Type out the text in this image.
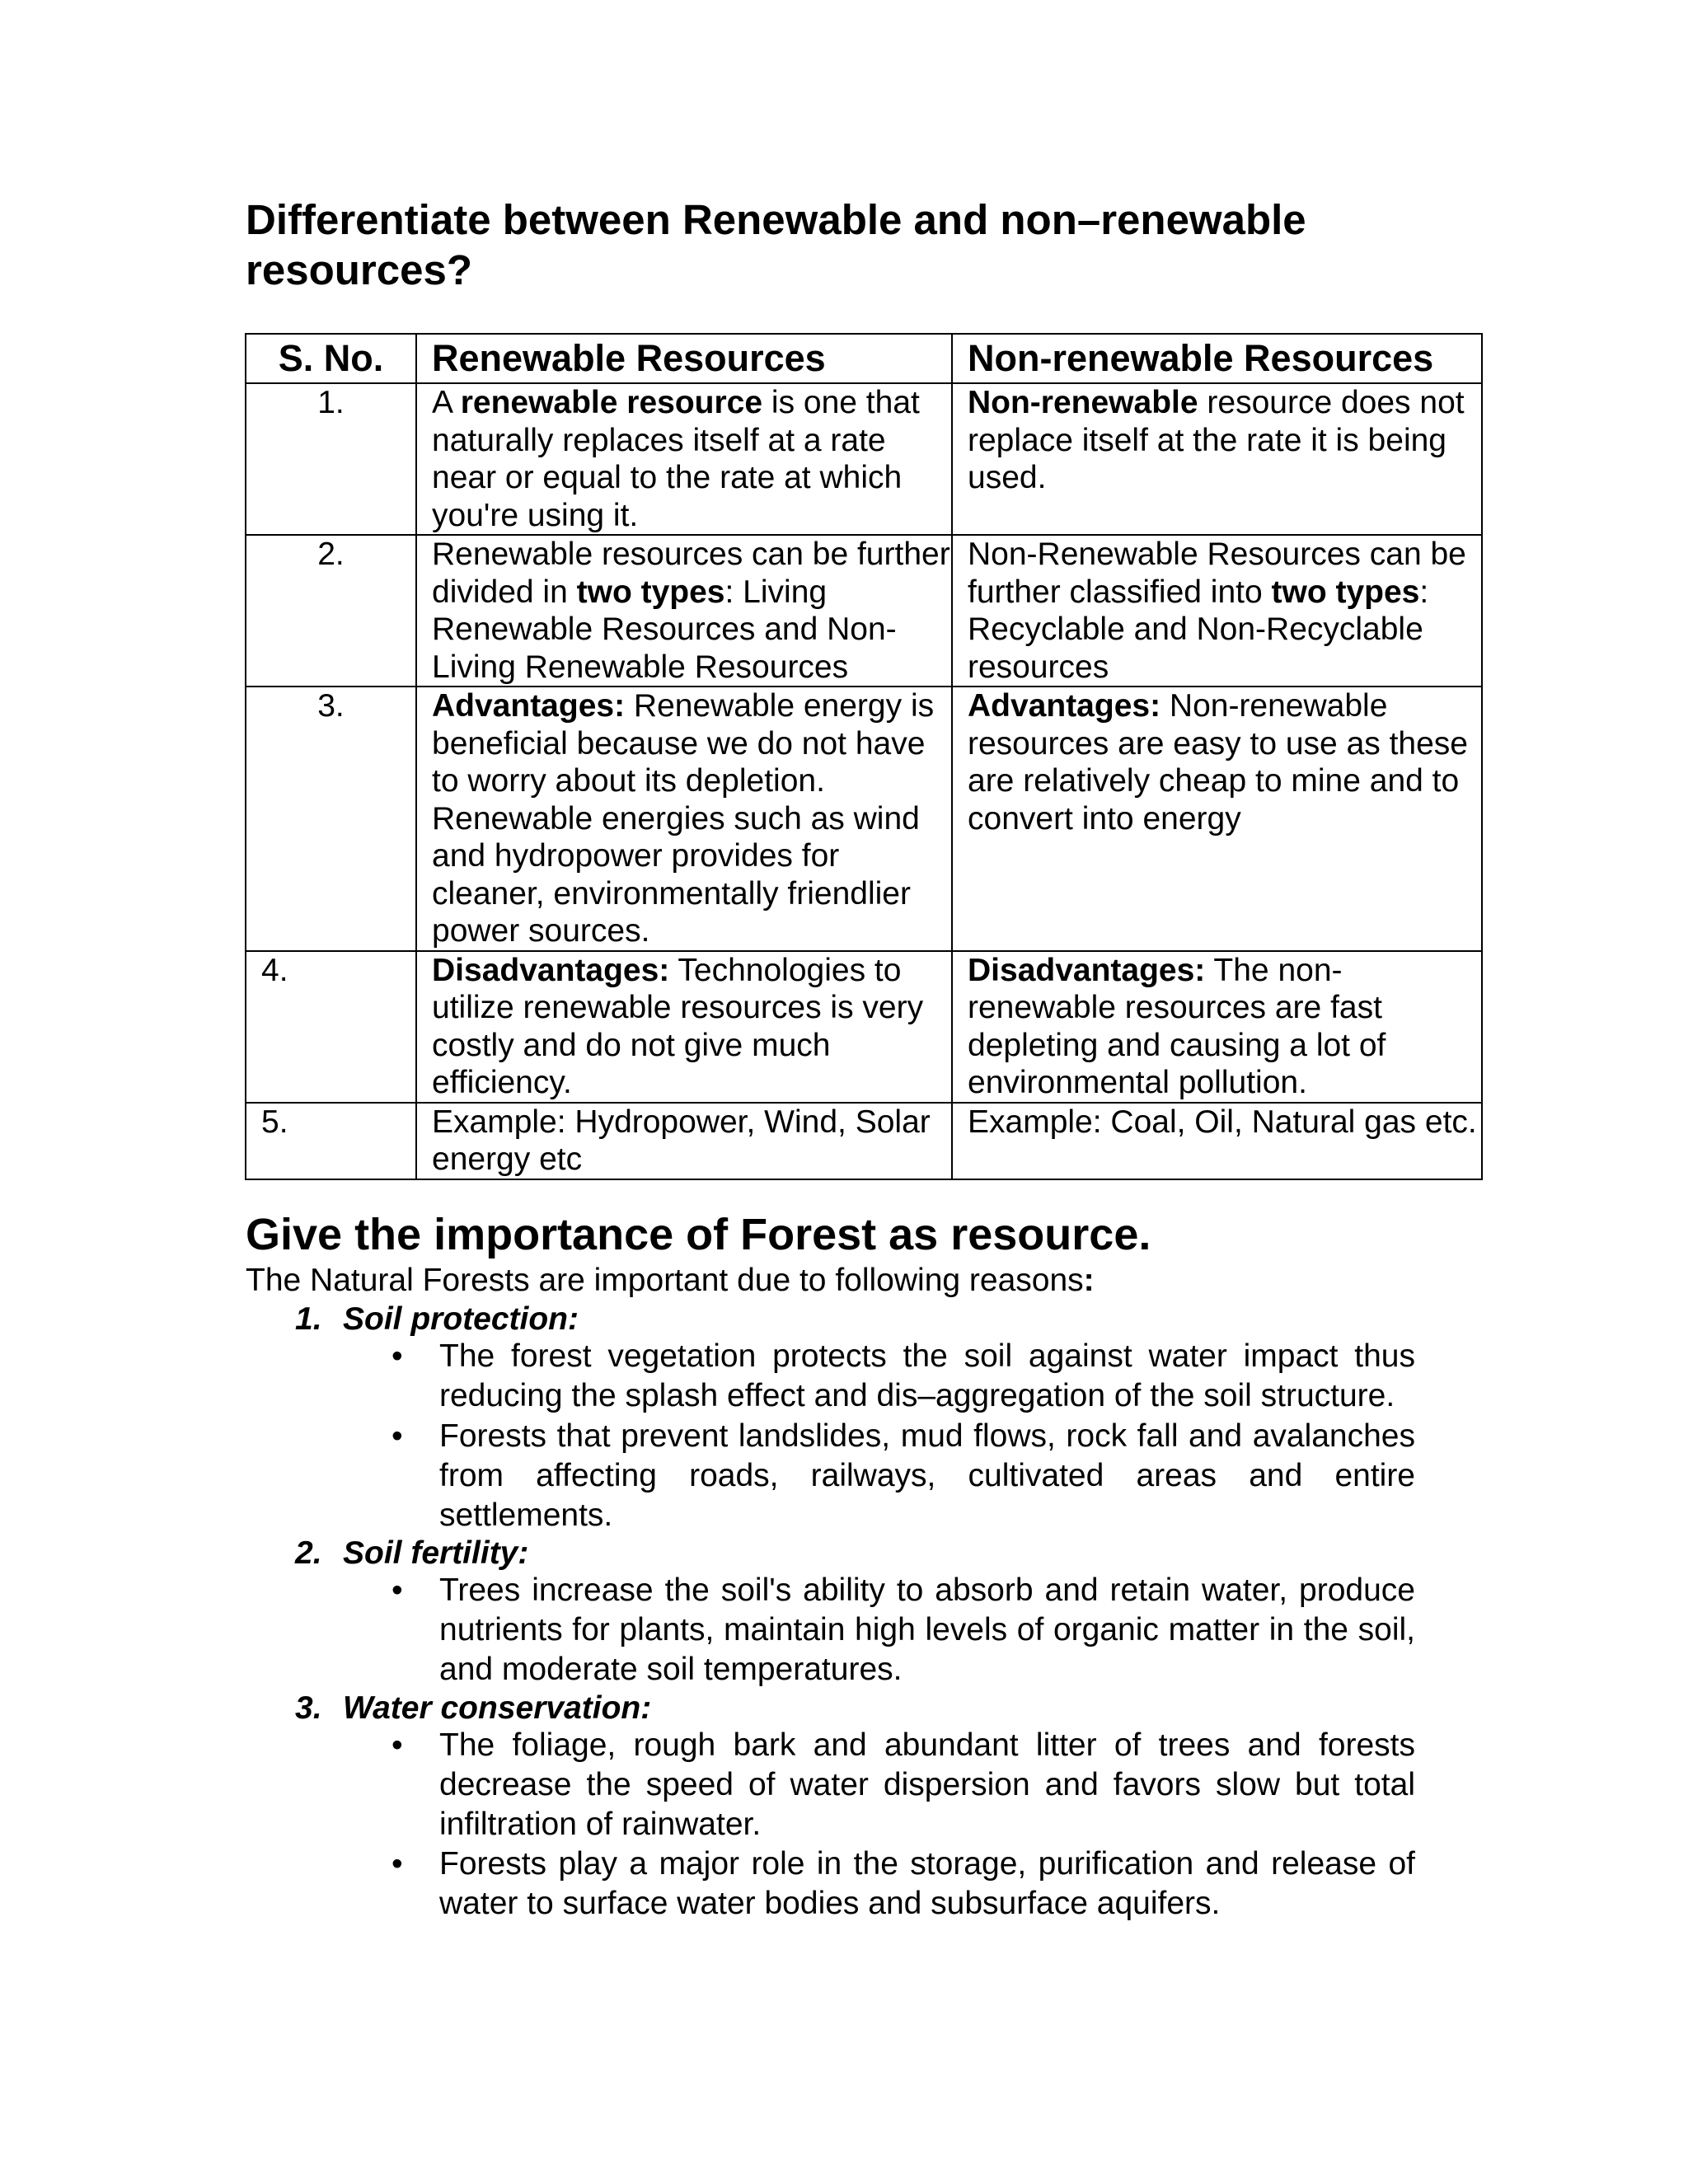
Differentiate between Renewable and non–renewable resources?
S. No.	Renewable Resources	Non-renewable Resources
1.	A renewable resource is one that naturally replaces itself at a rate near or equal to the rate at which you're using it.	Non-renewable resource does not replace itself at the rate it is being used.
2.	Renewable resources can be further divided in two types: Living Renewable Resources and Non-Living Renewable Resources	Non-Renewable Resources can be further classified into two types: Recyclable and Non-Recyclable resources
3.	Advantages: Renewable energy is beneficial because we do not have to worry about its depletion. Renewable energies such as wind and hydropower provides for cleaner, environmentally friendlier power sources.	Advantages: Non-renewable resources are easy to use as these are relatively cheap to mine and to convert into energy
4.	Disadvantages: Technologies to utilize renewable resources is very costly and do not give much efficiency.	Disadvantages: The non-renewable resources are fast depleting and causing a lot of environmental pollution.
5.	Example: Hydropower, Wind, Solar energy etc	Example: Coal, Oil, Natural gas etc.
Give the importance of Forest as resource.

The Natural Forests are important due to following reasons:

1. Soil protection:

• The forest vegetation protects the soil against water impact thus reducing the splash effect and dis–aggregation of the soil structure.

• Forests that prevent landslides, mud flows, rock fall and avalanches from affecting roads, railways, cultivated areas and entire settlements.

2. Soil fertility:

• Trees increase the soil's ability to absorb and retain water, produce nutrients for plants, maintain high levels of organic matter in the soil, and moderate soil temperatures.

3. Water conservation:

• The foliage, rough bark and abundant litter of trees and forests decrease the speed of water dispersion and favors slow but total infiltration of rainwater.

• Forests play a major role in the storage, purification and release of water to surface water bodies and subsurface aquifers.
